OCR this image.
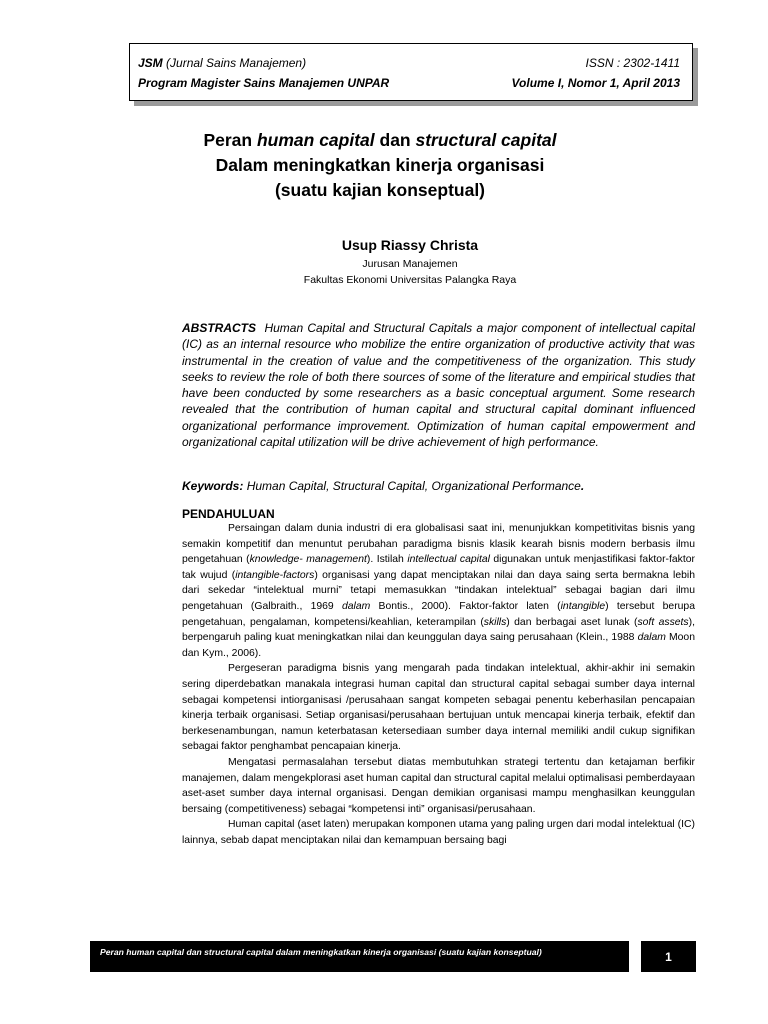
JSM (Jurnal Sains Manajemen)	ISSN : 2302-1411
Program Magister Sains Manajemen UNPAR	Volume I, Nomor 1, April 2013
Peran human capital dan structural capital
Dalam meningkatkan kinerja organisasi
(suatu kajian konseptual)
Usup Riassy Christa
Jurusan Manajemen
Fakultas Ekonomi Universitas Palangka Raya
ABSTRACTS Human Capital and Structural Capitals a major component of intellectual capital (IC) as an internal resource who mobilize the entire organization of productive activity that was instrumental in the creation of value and the competitiveness of the organization. This study seeks to review the role of both there sources of some of the literature and empirical studies that have been conducted by some researchers as a basic conceptual argument. Some research revealed that the contribution of human capital and structural capital dominant influenced organizational performance improvement. Optimization of human capital empowerment and organizational capital utilization will be drive achievement of high performance.
Keywords: Human Capital, Structural Capital, Organizational Performance.
PENDAHULUAN

Persaingan dalam dunia industri di era globalisasi saat ini, menunjukkan kompetitivitas bisnis yang semakin kompetitif dan menuntut perubahan paradigma bisnis klasik kearah bisnis modern berbasis ilmu pengetahuan (knowledge- management). Istilah intellectual capital digunakan untuk menjastifikasi faktor-faktor tak wujud (intangible-factors) organisasi yang dapat menciptakan nilai dan daya saing serta bermakna lebih dari sekedar “intelektual murni” tetapi memasukkan “tindakan intelektual” sebagai bagian dari ilmu pengetahuan (Galbraith., 1969 dalam Bontis., 2000). Faktor-faktor laten (intangible) tersebut berupa pengetahuan, pengalaman, kompetensi/keahlian, keterampilan (skills) dan berbagai aset lunak (soft assets), berpengaruh paling kuat meningkatkan nilai dan keunggulan daya saing perusahaan (Klein., 1988 dalam Moon dan Kym., 2006).

Pergeseran paradigma bisnis yang mengarah pada tindakan intelektual, akhir-akhir ini semakin sering diperdebatkan manakala integrasi human capital dan structural capital sebagai sumber daya internal sebagai kompetensi intiorganisasi /perusahaan sangat kompeten sebagai penentu keberhasilan pencapaian kinerja terbaik organisasi. Setiap organisasi/perusahaan bertujuan untuk mencapai kinerja terbaik, efektif dan berkesenambungan, namun keterbatasan ketersediaan sumber daya internal memiliki andil cukup signifikan sebagai faktor penghambat pencapaian kinerja.

Mengatasi permasalahan tersebut diatas membutuhkan strategi tertentu dan ketajaman berfikir manajemen, dalam mengekplorasi aset human capital dan structural capital melalui optimalisasi pemberdayaan aset-aset sumber daya internal organisasi. Dengan demikian organisasi mampu menghasilkan keunggulan bersaing (competitiveness) sebagai “kompetensi inti” organisasi/perusahaan.

Human capital (aset laten) merupakan komponen utama yang paling urgen dari modal intelektual (IC) lainnya, sebab dapat menciptakan nilai dan kemampuan bersaing bagi

Peran human capital dan structural capital dalam meningkatkan kinerja organisasi (suatu kajian konseptual)	1
